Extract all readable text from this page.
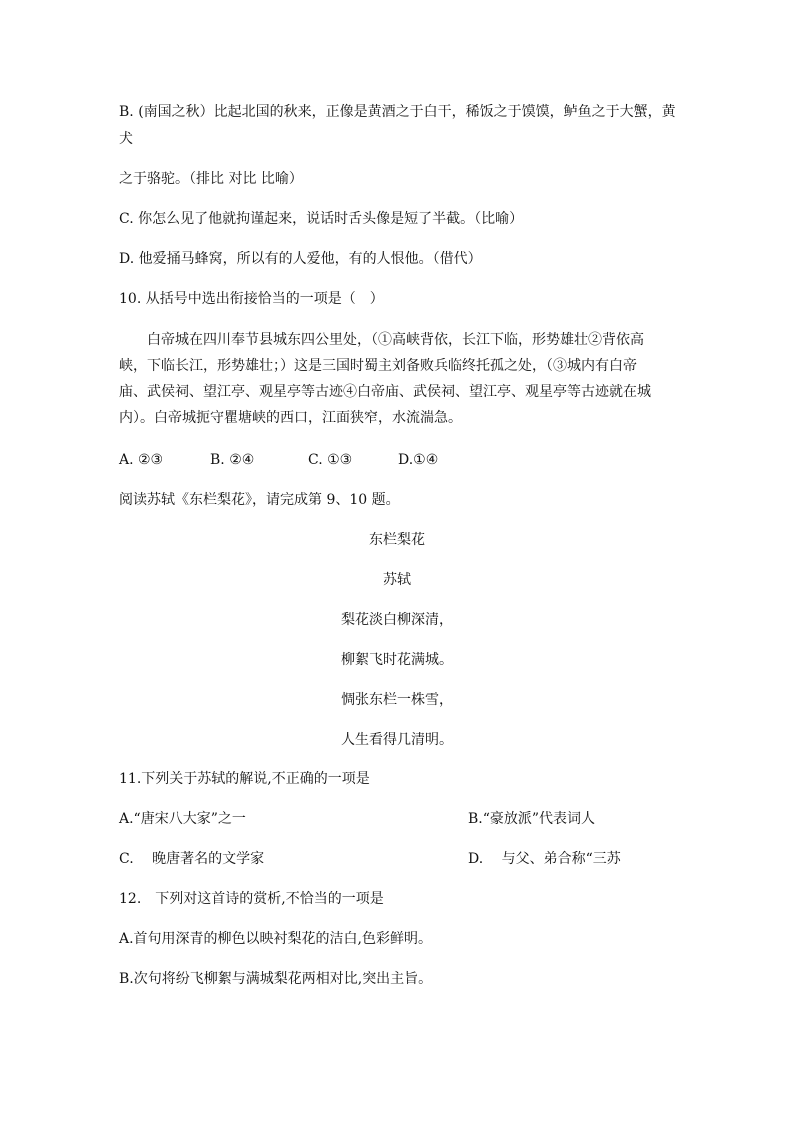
B. (南国之秋）比起北国的秋来，正像是黄酒之于白干，稀饭之于馍馍，鲈鱼之于大蟹，黄
犬
之于骆驼。（排比 对比 比喻）
C. 你怎么见了他就拘谨起来，说话时舌头像是短了半截。（比喻）
D. 他爱捅马蜂窝，所以有的人爱他，有的人恨他。（借代）
10. 从括号中选出衔接恰当的一项是（　）
白帝城在四川奉节县城东四公里处，（①高峡背依，长江下临，形势雄壮②背依高峡，下临长江，形势雄壮；）这是三国时蜀主刘备败兵临终托孤之处，（③城内有白帝庙、武侯祠、望江亭、观星亭等古迹④白帝庙、武侯祠、望江亭、观星亭等古迹就在城内）。白帝城扼守瞿塘峡的西口，江面狭窄，水流湍急。
A. ②③	B. ②④	C. ①③	D.①④
阅读苏轼《东栏梨花》，请完成第 9、10 题。
东栏梨花
苏轼
梨花淡白柳深清，
柳絮飞时花满城。
惆张东栏一株雪，
人生看得几清明。
11.下列关于苏轼的解说,不正确的一项是
A.“唐宋八大家”之一	B.“豪放派”代表词人
C.　 晚唐著名的文学家	D.　 与父、弟合称“三苏
12.　下列对这首诗的赏析,不恰当的一项是
A.首句用深青的柳色以映衬梨花的洁白,色彩鲜明。
B.次句将纷飞柳絮与满城梨花两相对比,突出主旨。
